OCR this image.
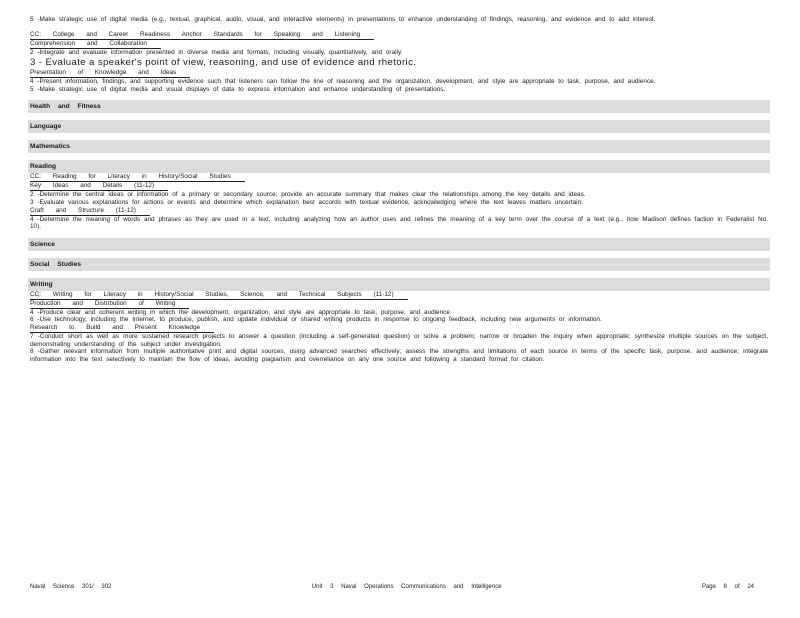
5 -Make strategic use of digital media (e.g., textual, graphical, audio, visual, and interactive elements) in presentations to enhance understanding of findings, reasoning, and evidence and to add interest.
CC: College and Career Readiness Anchor Standards for Speaking and Listening
Comprehension and Collaboration
2 -Integrate and evaluate information presented in diverse media and formats, including visually, quantitatively, and orally.
3 - Evaluate a speaker's point of view, reasoning, and use of evidence and rhetoric.
Presentation of Knowledge and Ideas
4 -Present information, findings, and supporting evidence such that listeners can follow the line of reasoning and the organization, development, and style are appropriate to task, purpose, and audience.
5 -Make strategic use of digital media and visual displays of data to express information and enhance understanding of presentations.
Health and Fitness
Language
Mathematics
Reading
CC: Reading for Literacy in History/Social Studies
Key Ideas and Details (11-12)
2 -Determine the central ideas or information of a primary or secondary source; provide an accurate summary that makes clear the relationships among the key details and ideas.
3 -Evaluate various explanations for actions or events and determine which explanation best accords with textual evidence, acknowledging where the text leaves matters uncertain.
Craft and Structure (11-12)
4 -Determine the meaning of words and phrases as they are used in a text, including analyzing how an author uses and refines the meaning of a key term over the course of a text (e.g., how Madison defines faction in Federalist No. 10).
Science
Social Studies
Writing
CC: Writing for Literacy in History/Social Studies, Science, and Technical Subjects (11-12)
Production and Distribution of Writing
4 -Produce clear and coherent writing in which the development, organization, and style are appropriate to task, purpose, and audience.
6 -Use technology, including the Internet, to produce, publish, and update individual or shared writing products in response to ongoing feedback, including new arguments or information.
Research to Build and Present Knowledge
7 -Conduct short as well as more sustained research projects to answer a question (including a self-generated question) or solve a problem; narrow or broaden the inquiry when appropriate; synthesize multiple sources on the subject, demonstrating understanding of the subject under investigation.
8 -Gather relevant information from multiple authoritative print and digital sources, using advanced searches effectively; assess the strengths and limitations of each source in terms of the specific task, purpose, and audience; integrate information into the text selectively to maintain the flow of ideas, avoiding plagiarism and overreliance on any one source and following a standard format for citation.
Naval Science 301/ 302	Unit 3 Naval Operations Communications and Intelligence	Page 8 of 24
